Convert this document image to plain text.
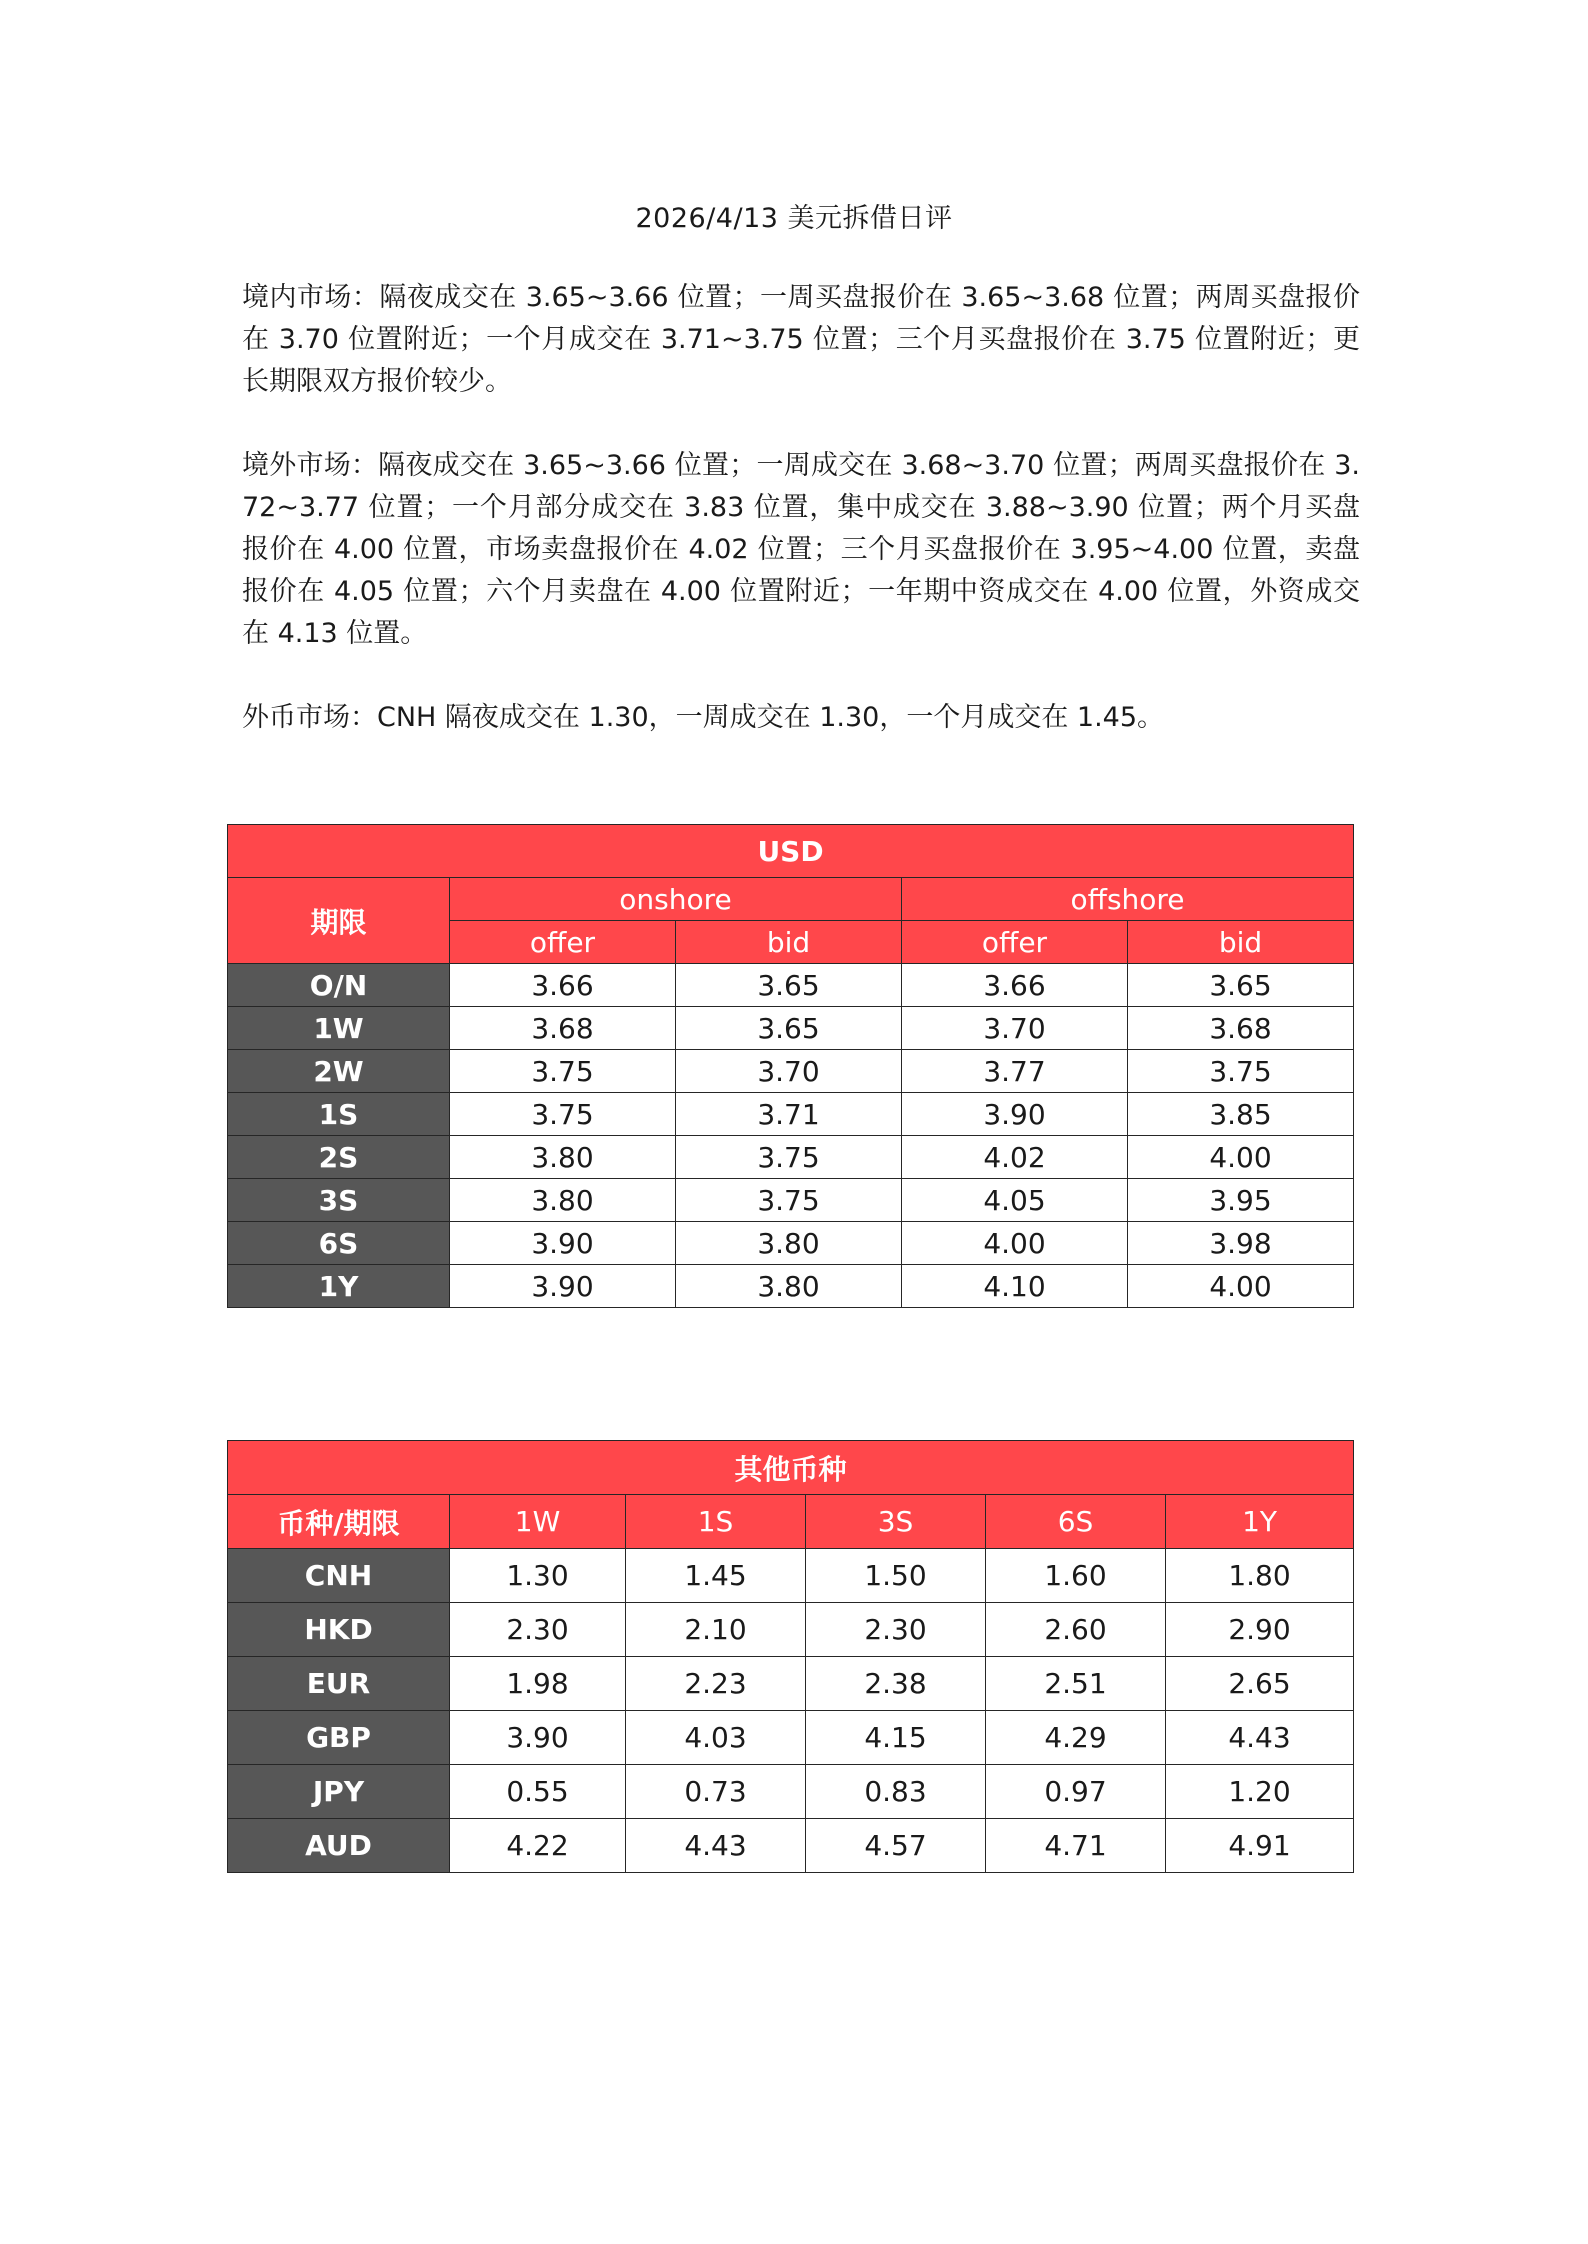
2026/4/13 美元拆借日评
境内市场：隔夜成交在 3.65~3.66 位置；一周买盘报价在 3.65~3.68 位置；两周买盘报价在 3.70 位置附近；一个月成交在 3.71~3.75 位置；三个月买盘报价在 3.75 位置附近；更长期限双方报价较少。
境外市场：隔夜成交在 3.65~3.66 位置；一周成交在 3.68~3.70 位置；两周买盘报价在 3.72~3.77 位置；一个月部分成交在 3.83 位置，集中成交在 3.88~3.90 位置；两个月买盘报价在 4.00 位置，市场卖盘报价在 4.02 位置；三个月买盘报价在 3.95~4.00 位置，卖盘报价在 4.05 位置；六个月卖盘在 4.00 位置附近；一年期中资成交在 4.00 位置，外资成交在 4.13 位置。
外币市场：CNH 隔夜成交在 1.30，一周成交在 1.30，一个月成交在 1.45。
USD				
期限	onshore		offshore	
	offer	bid	offer	bid
O/N	3.66	3.65	3.66	3.65
1W	3.68	3.65	3.70	3.68
2W	3.75	3.70	3.77	3.75
1S	3.75	3.71	3.90	3.85
2S	3.80	3.75	4.02	4.00
3S	3.80	3.75	4.05	3.95
6S	3.90	3.80	4.00	3.98
1Y	3.90	3.80	4.10	4.00
其他币种					
币种/期限	1W	1S	3S	6S	1Y
CNH	1.30	1.45	1.50	1.60	1.80
HKD	2.30	2.10	2.30	2.60	2.90
EUR	1.98	2.23	2.38	2.51	2.65
GBP	3.90	4.03	4.15	4.29	4.43
JPY	0.55	0.73	0.83	0.97	1.20
AUD	4.22	4.43	4.57	4.71	4.91
